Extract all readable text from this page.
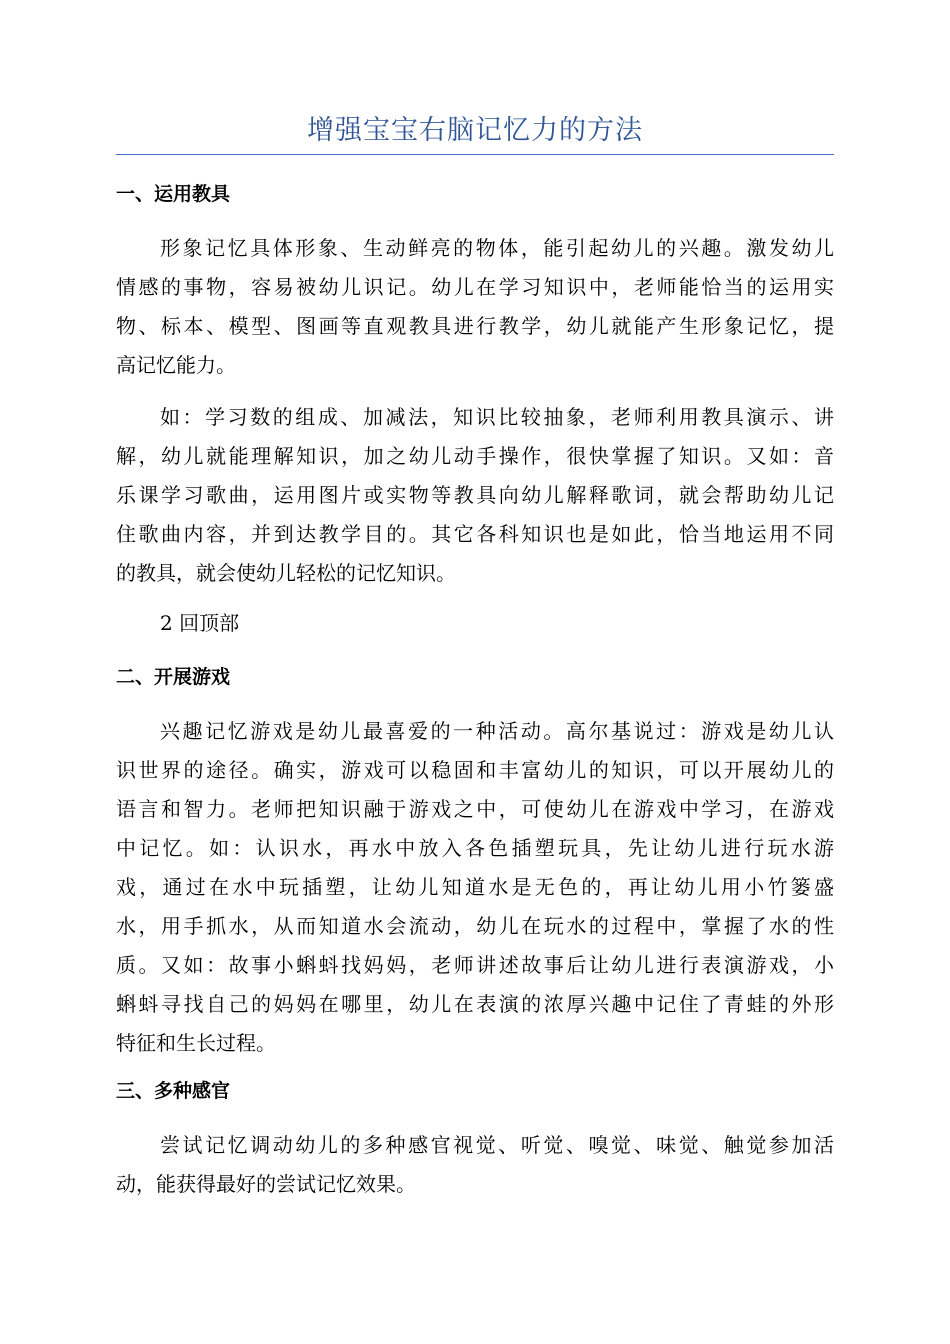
增强宝宝右脑记忆力的方法
一、运用教具
形象记忆具体形象、生动鲜亮的物体，能引起幼儿的兴趣。激发幼儿
情感的事物，容易被幼儿识记。幼儿在学习知识中，老师能恰当的运用实
物、标本、模型、图画等直观教具进行教学，幼儿就能产生形象记忆，提
高记忆能力。
如：学习数的组成、加减法，知识比较抽象，老师利用教具演示、讲
解，幼儿就能理解知识，加之幼儿动手操作，很快掌握了知识。又如：音
乐课学习歌曲，运用图片或实物等教具向幼儿解释歌词，就会帮助幼儿记
住歌曲内容，并到达教学目的。其它各科知识也是如此，恰当地运用不同
的教具，就会使幼儿轻松的记忆知识。
2 回顶部
二、开展游戏
兴趣记忆游戏是幼儿最喜爱的一种活动。高尔基说过：游戏是幼儿认
识世界的途径。确实，游戏可以稳固和丰富幼儿的知识，可以开展幼儿的
语言和智力。老师把知识融于游戏之中，可使幼儿在游戏中学习，在游戏
中记忆。如：认识水，再水中放入各色插塑玩具，先让幼儿进行玩水游
戏，通过在水中玩插塑，让幼儿知道水是无色的，再让幼儿用小竹篓盛
水，用手抓水，从而知道水会流动，幼儿在玩水的过程中，掌握了水的性
质。又如：故事小蝌蚪找妈妈，老师讲述故事后让幼儿进行表演游戏，小
蝌蚪寻找自己的妈妈在哪里，幼儿在表演的浓厚兴趣中记住了青蛙的外形
特征和生长过程。
三、多种感官
尝试记忆调动幼儿的多种感官视觉、听觉、嗅觉、味觉、触觉参加活
动，能获得最好的尝试记忆效果。
